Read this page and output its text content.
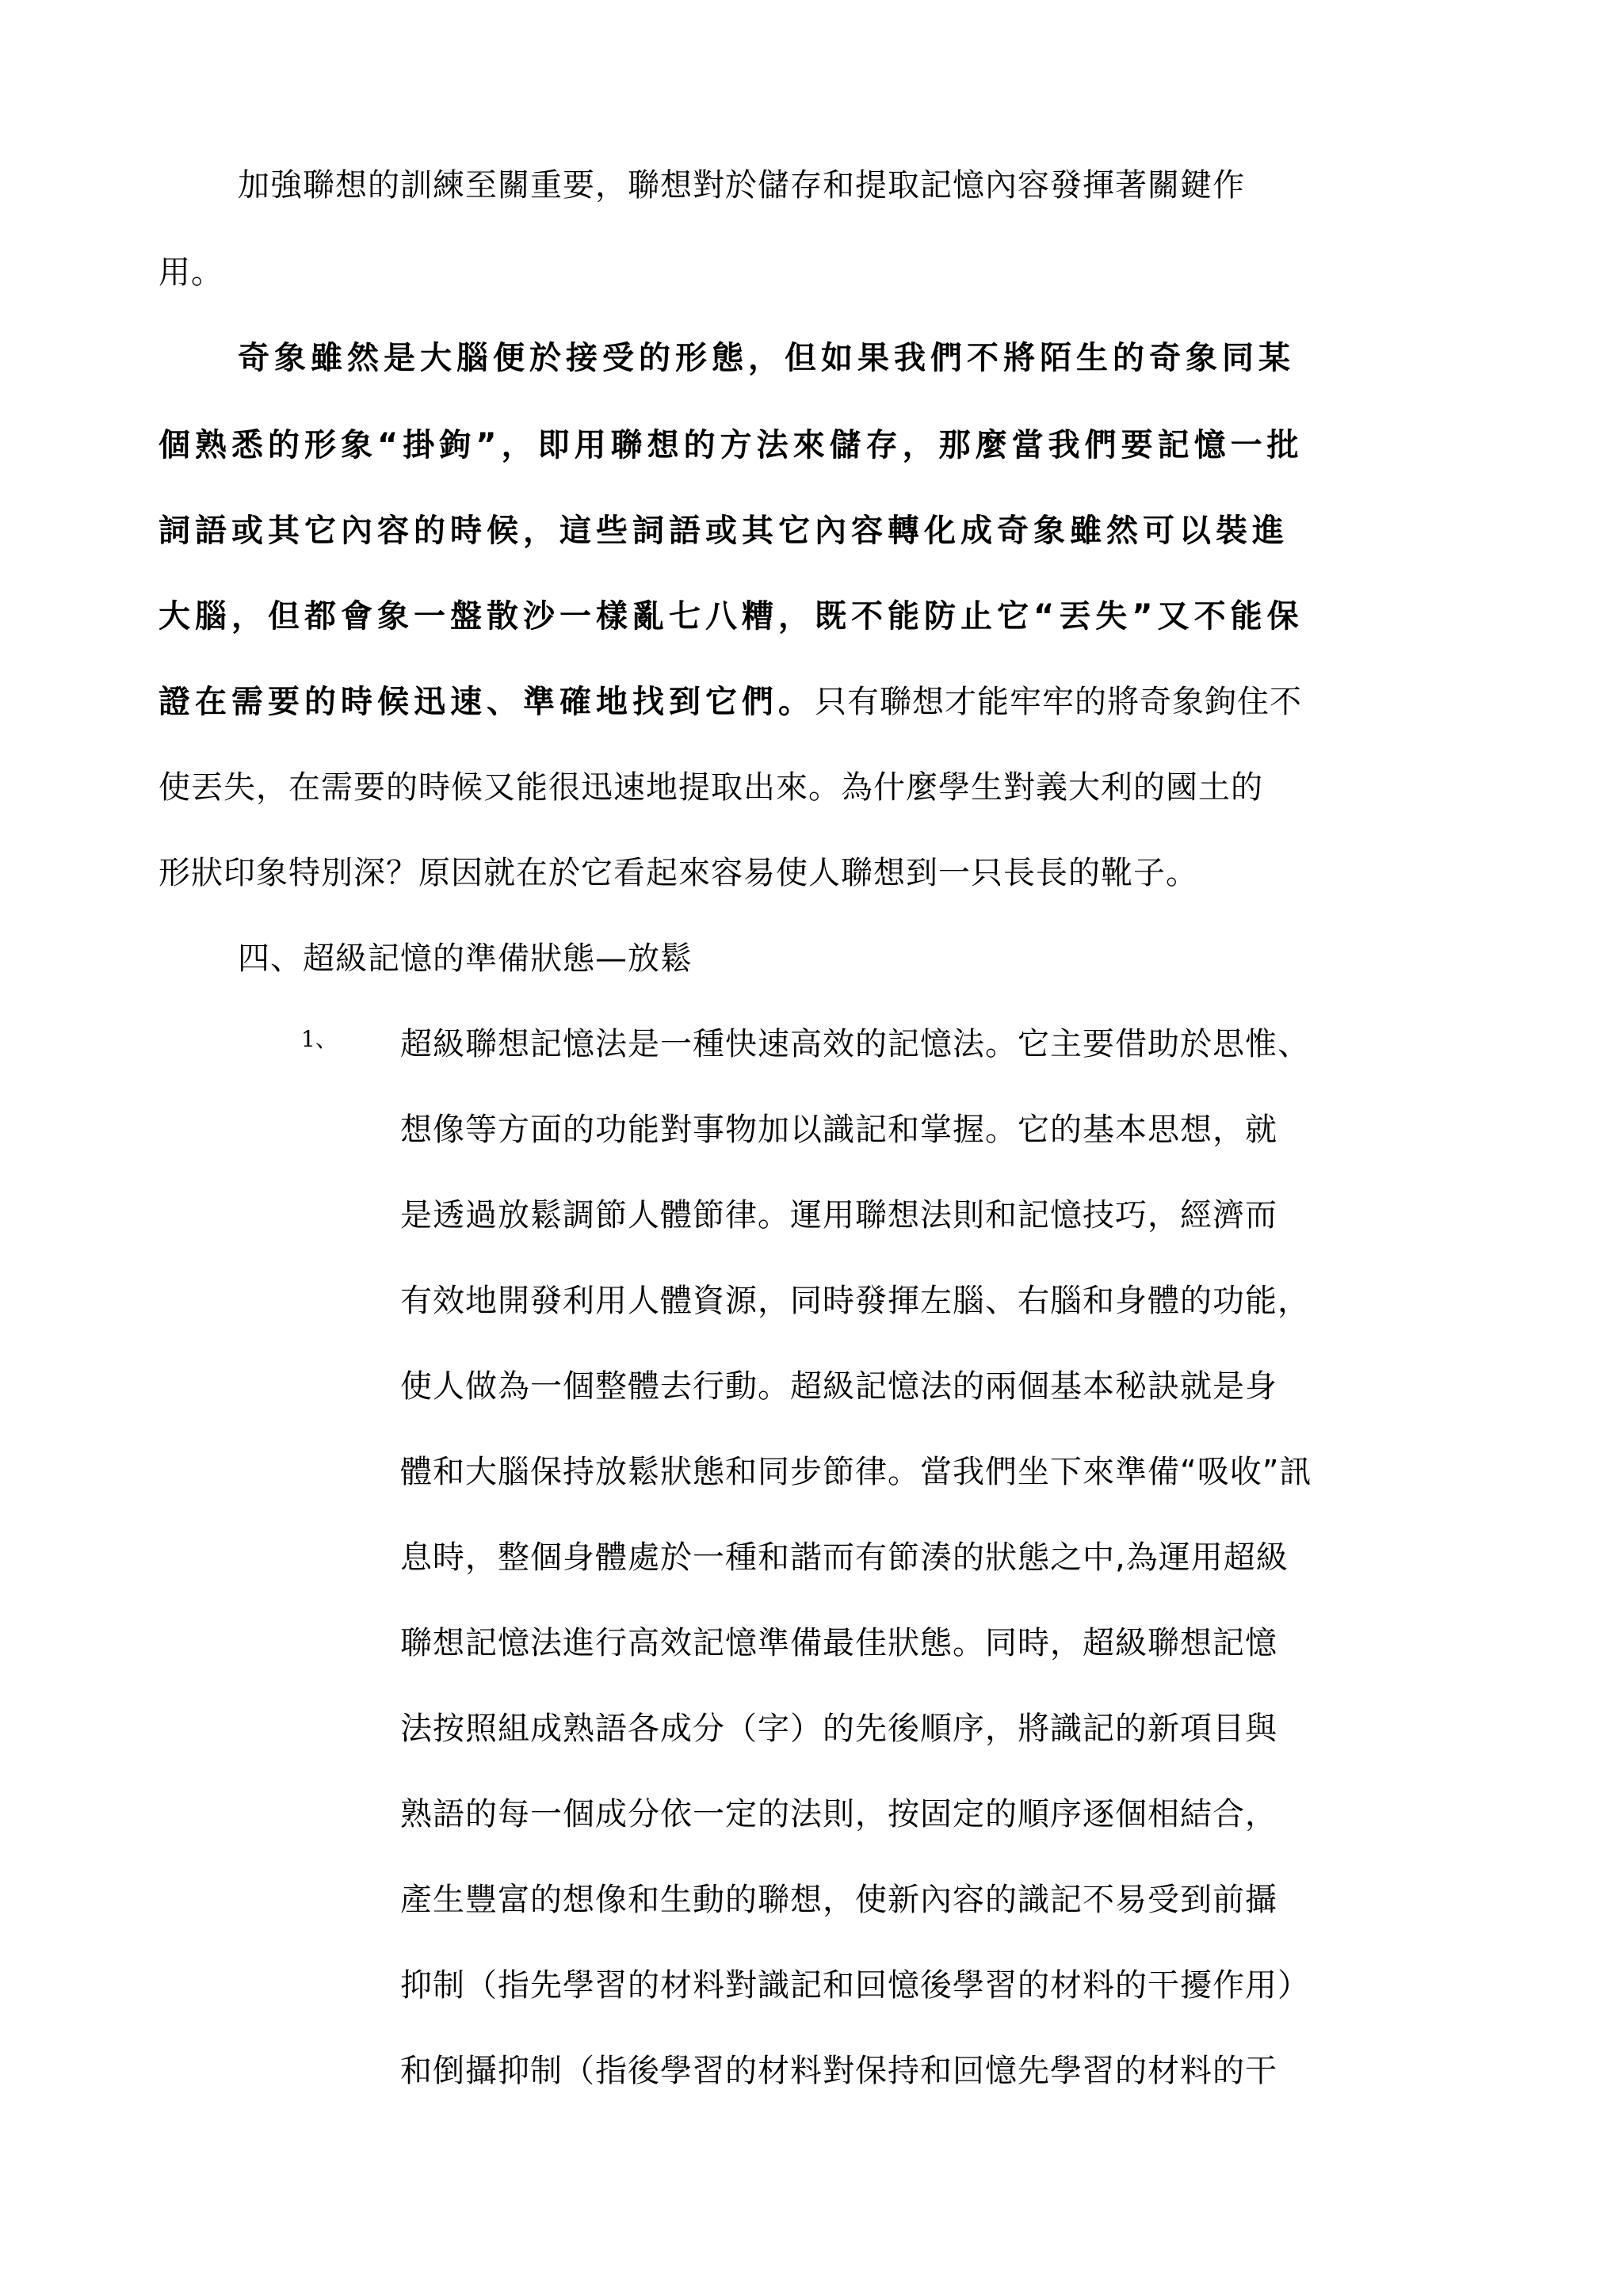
加強聯想的訓練至關重要，聯想對於儲存和提取記憶內容發揮著關鍵作
用。
奇象雖然是大腦便於接受的形態，但如果我們不將陌生的奇象同某
個熟悉的形象“掛鉤”，即用聯想的方法來儲存，那麼當我們要記憶一批
詞語或其它內容的時候，這些詞語或其它內容轉化成奇象雖然可以裝進
大腦，但都會象一盤散沙一樣亂七八糟，既不能防止它“丟失”又不能保
證在需要的時候迅速、準確地找到它們。只有聯想才能牢牢的將奇象鉤住不
使丟失，在需要的時候又能很迅速地提取出來。為什麼學生對義大利的國土的
形狀印象特別深？原因就在於它看起來容易使人聯想到一只長長的靴子。
四、超級記憶的準備狀態—放鬆
1、 超級聯想記憶法是一種快速高效的記憶法。它主要借助於思惟、
想像等方面的功能對事物加以識記和掌握。它的基本思想，就
是透過放鬆調節人體節律。運用聯想法則和記憶技巧，經濟而
有效地開發利用人體資源，同時發揮左腦、右腦和身體的功能，
使人做為一個整體去行動。超級記憶法的兩個基本秘訣就是身
體和大腦保持放鬆狀態和同步節律。當我們坐下來準備“吸收”訊
息時，整個身體處於一種和諧而有節湊的狀態之中,為運用超級
聯想記憶法進行高效記憶準備最佳狀態。同時，超級聯想記憶
法按照組成熟語各成分（字）的先後順序，將識記的新項目與
熟語的每一個成分依一定的法則，按固定的順序逐個相結合，
產生豐富的想像和生動的聯想，使新內容的識記不易受到前攝
抑制（指先學習的材料對識記和回憶後學習的材料的干擾作用）
和倒攝抑制（指後學習的材料對保持和回憶先學習的材料的干
